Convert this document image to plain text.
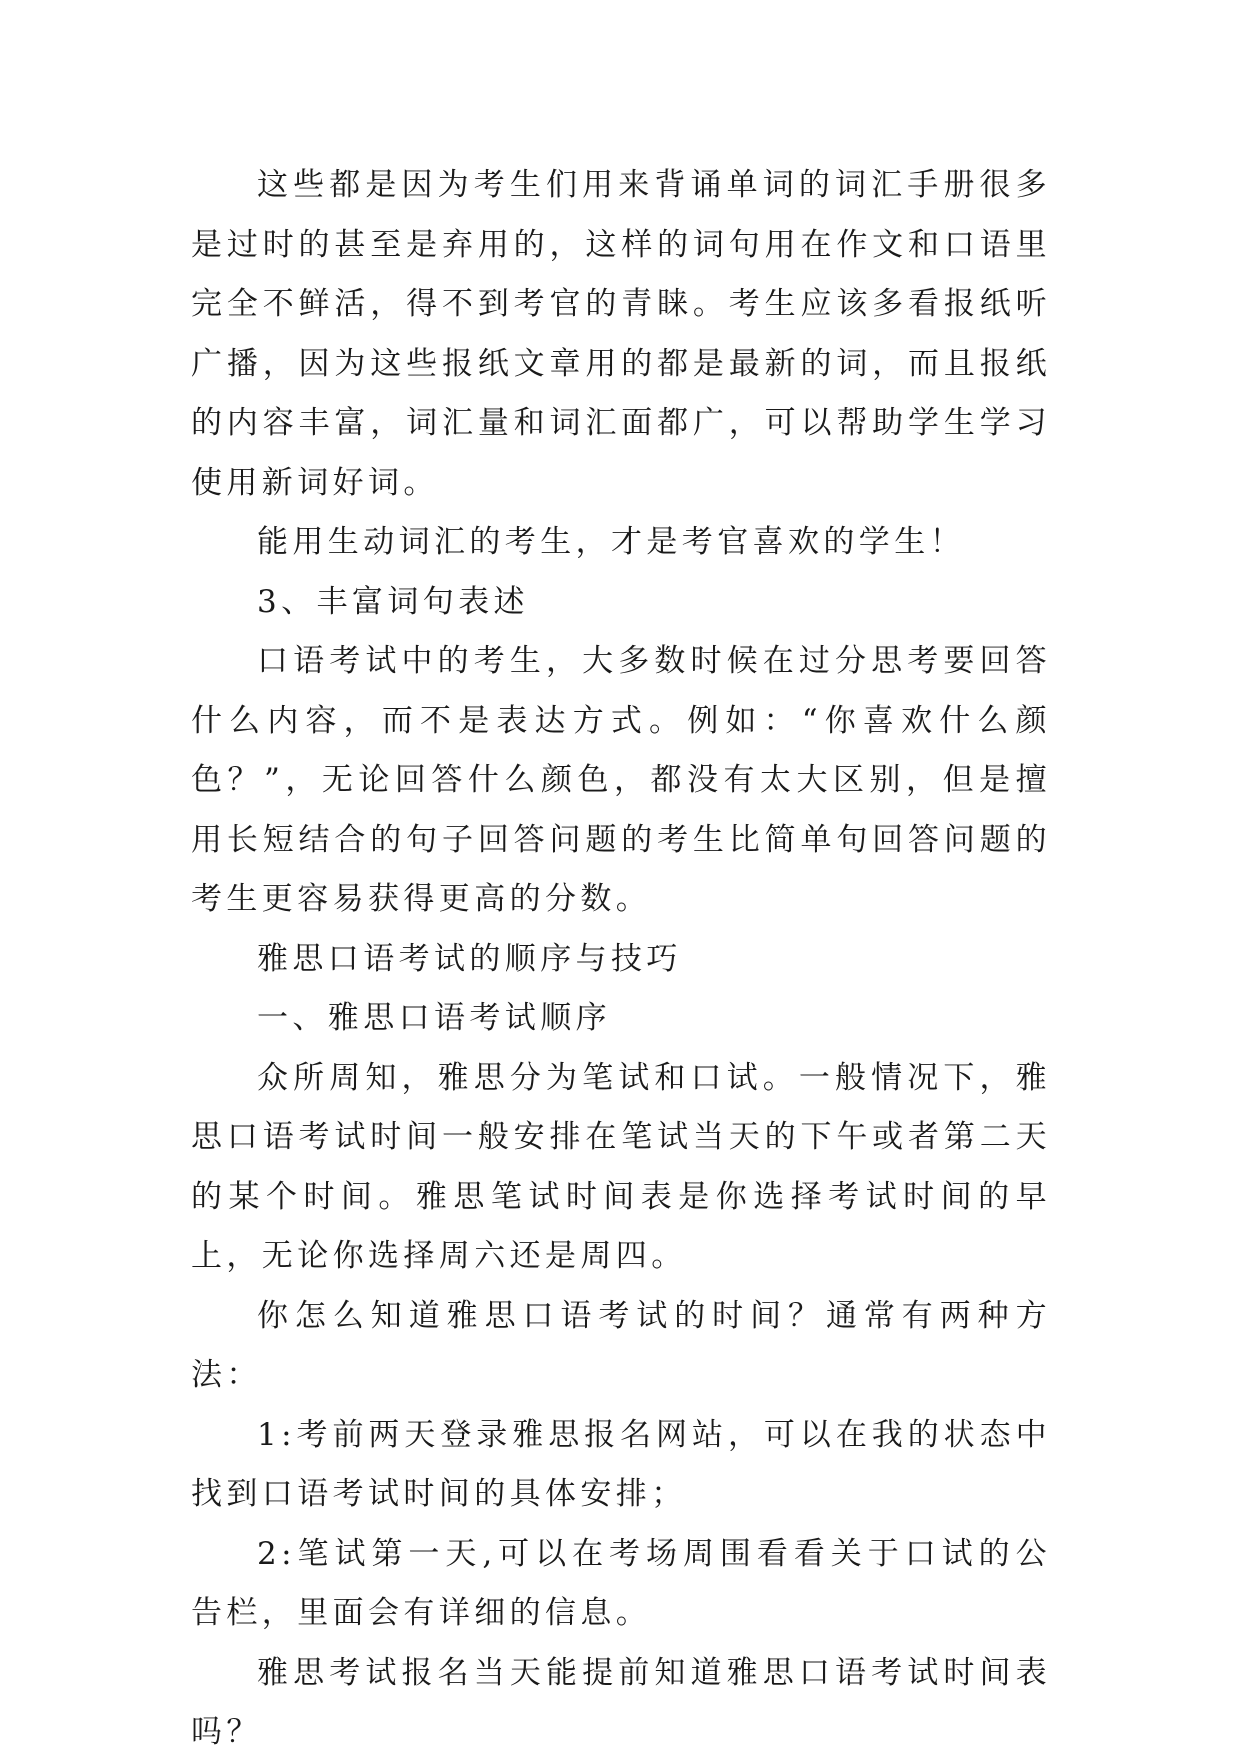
这些都是因为考生们用来背诵单词的词汇手册很多是过时的甚至是弃用的，这样的词句用在作文和口语里完全不鲜活，得不到考官的青睐。考生应该多看报纸听广播，因为这些报纸文章用的都是最新的词，而且报纸的内容丰富，词汇量和词汇面都广，可以帮助学生学习使用新词好词。

能用生动词汇的考生，才是考官喜欢的学生！

3、丰富词句表述

口语考试中的考生，大多数时候在过分思考要回答什么内容，而不是表达方式。例如：“你喜欢什么颜色？”，无论回答什么颜色，都没有太大区别，但是擅用长短结合的句子回答问题的考生比简单句回答问题的考生更容易获得更高的分数。

雅思口语考试的顺序与技巧

一、雅思口语考试顺序

众所周知，雅思分为笔试和口试。一般情况下，雅思口语考试时间一般安排在笔试当天的下午或者第二天的某个时间。雅思笔试时间表是你选择考试时间的早上，无论你选择周六还是周四。

你怎么知道雅思口语考试的时间？通常有两种方法：

1:考前两天登录雅思报名网站，可以在我的状态中找到口语考试时间的具体安排；

2:笔试第一天,可以在考场周围看看关于口试的公告栏，里面会有详细的信息。

雅思考试报名当天能提前知道雅思口语考试时间表吗？
